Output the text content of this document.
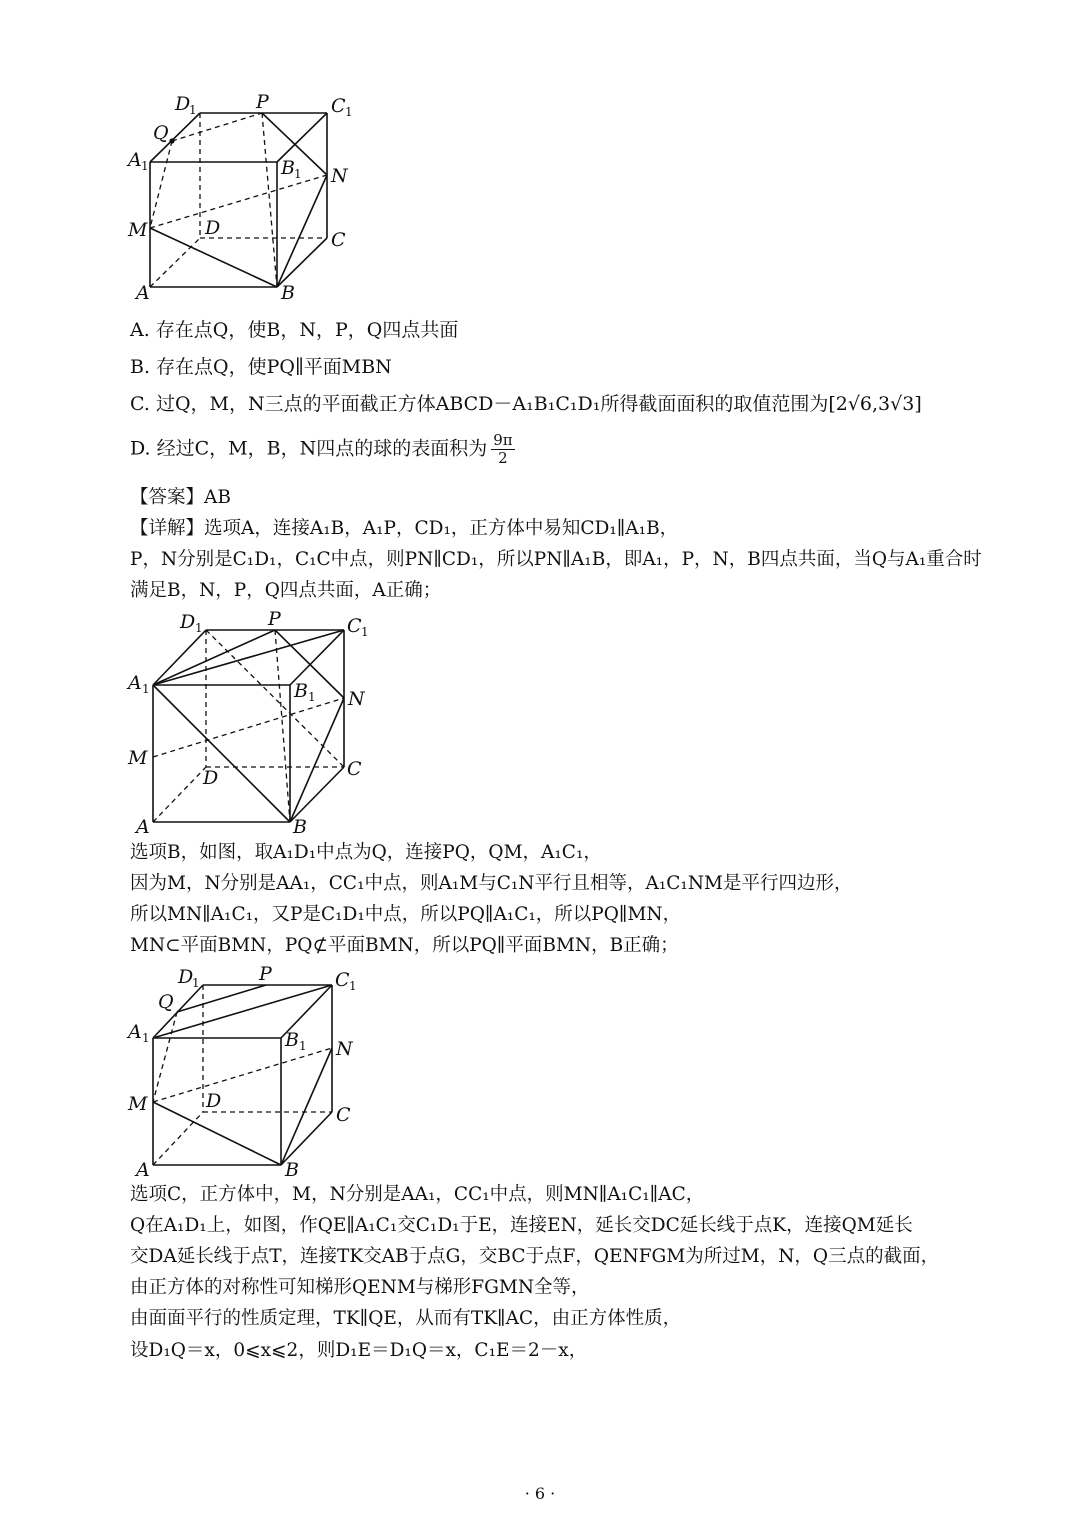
D
1	P	C 1
Q
A 1	B 1 N
M	D
C
A	B
A. 存在点Q，使B，N，P，Q四点共面
B. 存在点Q，使PQ∥平面MBN
C. 过Q，M，N三点的平面截正方体ABCD－A₁B₁C₁D₁所得截面面积的取值范围为[2√6,3√3]
D. 经过C，M，B，N四点的球的表面积为 $\frac{9\pi}{2}$
【答案】AB
【详解】选项A，连接A₁B，A₁P，CD₁，正方体中易知CD₁∥A₁B，
P，N分别是C₁D₁，C₁C中点，则PN∥CD₁，所以PN∥A₁B，即A₁，P，N，B四点共面，当Q与A₁重合时
满足B，N，P，Q四点共面，A正确；
D 1	P	C 1
A 1	B 1 N
M
D	C
A	B
选项B，如图，取A₁D₁中点为Q，连接PQ，QM，A₁C₁，
因为M，N分别是AA₁，CC₁中点，则A₁M与C₁N平行且相等，A₁C₁NM是平行四边形，
所以MN∥A₁C₁，又P是C₁D₁中点，所以PQ∥A₁C₁，所以PQ∥MN，
MN⊂平面BMN，PQ⊄平面BMN，所以PQ∥平面BMN，B正确；
D
1	P	C 1
Q
A 1	B 1 N
M	D
C
A	B
选项C，正方体中，M，N分别是AA₁，CC₁中点，则MN∥A₁C₁∥AC，
Q在A₁D₁上，如图，作QE∥A₁C₁交C₁D₁于E，连接EN，延长交DC延长线于点K，连接QM延长
交DA延长线于点T，连接TK交AB于点G，交BC于点F，QENFGM为所过M，N，Q三点的截面，
由正方体的对称性可知梯形QENM与梯形FGMN全等，
由面面平行的性质定理，TK∥QE，从而有TK∥AC，由正方体性质，
设D₁Q＝x，0⩽x⩽2，则D₁E＝D₁Q＝x，C₁E＝2－x，
· 6 ·
